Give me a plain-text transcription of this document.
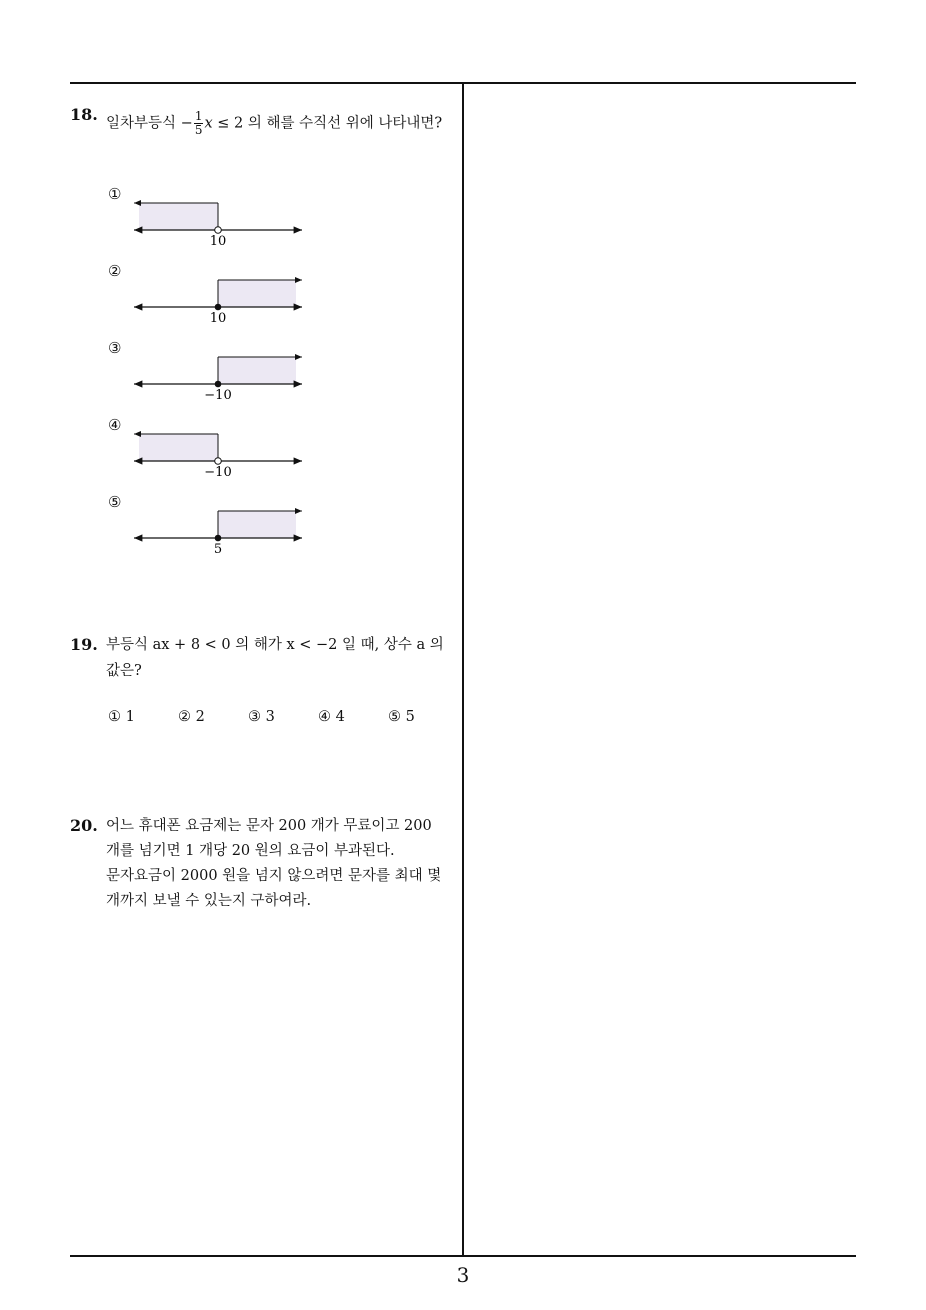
18. 일차부등식 − $\frac{1}{5}$ x ≤ 2 의 해를 수직선 위에 나타내면?
①
②
③
④
⑤
10
10
−10
−10
5
19. 부등식 ax + 8 < 0 의 해가 x < −2 일 때, 상수 a 의
값은?
① 1	② 2	③ 3	④ 4	⑤ 5
20. 어느 휴대폰 요금제는 문자 200 개가 무료이고 200
개를 넘기면 1 개당 20 원의 요금이 부과된다.
문자요금이 2000 원을 넘지 않으려면 문자를 최대 몇
개까지 보낼 수 있는지 구하여라.
3
